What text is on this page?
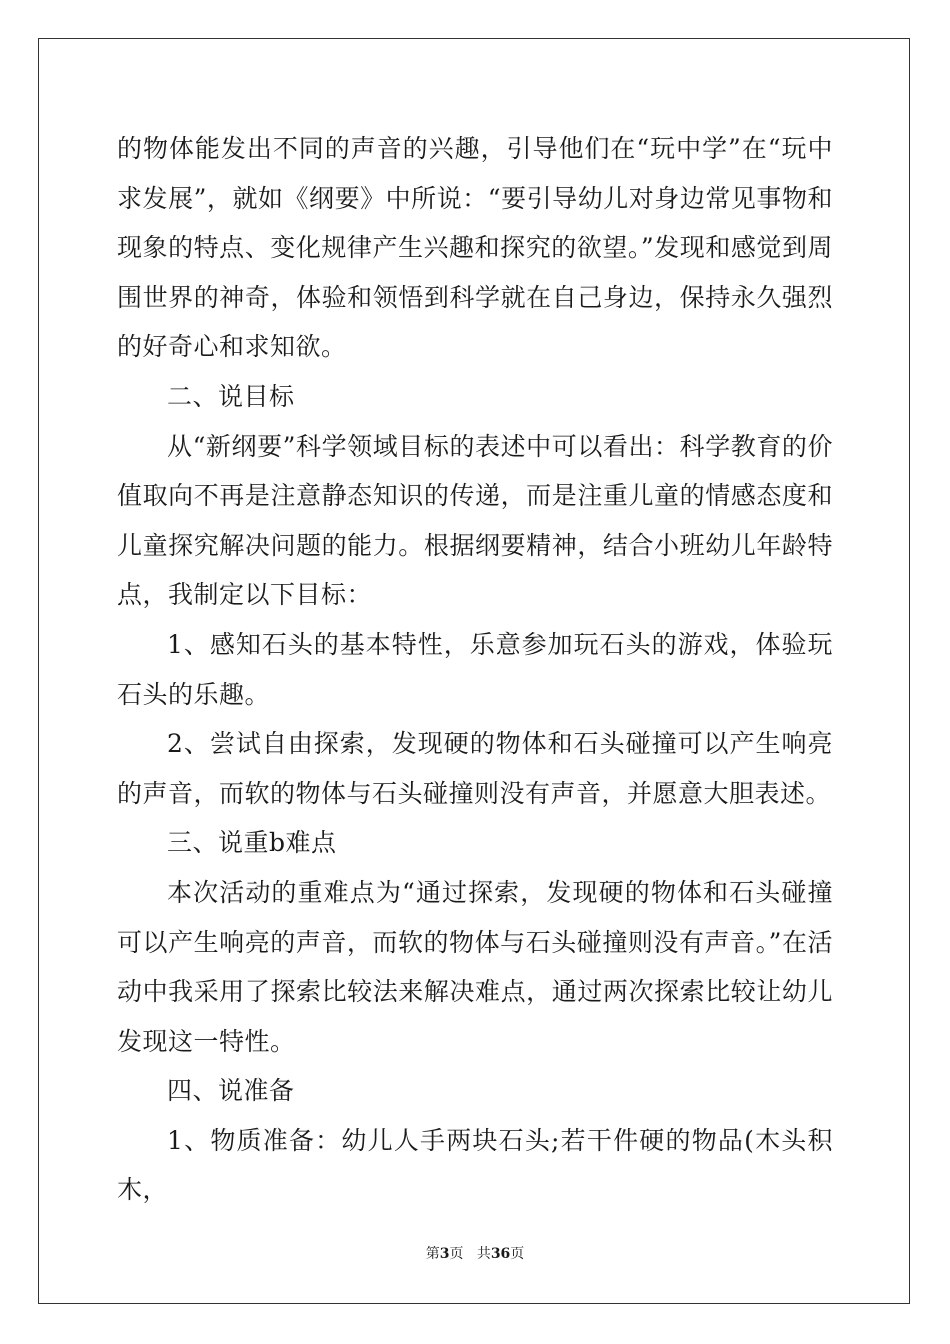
的物体能发出不同的声音的兴趣，引导他们在“玩中学”在“玩中求发展”，就如《纲要》中所说：“要引导幼儿对身边常见事物和现象的特点、变化规律产生兴趣和探究的欲望。”发现和感觉到周围世界的神奇，体验和领悟到科学就在自己身边，保持永久强烈的好奇心和求知欲。

二、说目标

从“新纲要”科学领域目标的表述中可以看出：科学教育的价值取向不再是注意静态知识的传递，而是注重儿童的情感态度和儿童探究解决问题的能力。根据纲要精神，结合小班幼儿年龄特点，我制定以下目标：

1、感知石头的基本特性，乐意参加玩石头的游戏，体验玩石头的乐趣。

2、尝试自由探索，发现硬的物体和石头碰撞可以产生响亮的声音，而软的物体与石头碰撞则没有声音，并愿意大胆表述。

三、说重b难点

本次活动的重难点为“通过探索，发现硬的物体和石头碰撞可以产生响亮的声音，而软的物体与石头碰撞则没有声音。”在活动中我采用了探索比较法来解决难点，通过两次探索比较让幼儿发现这一特性。

四、说准备

1、物质准备：幼儿人手两块石头;若干件硬的物品(木头积木，

第3页 共36页
